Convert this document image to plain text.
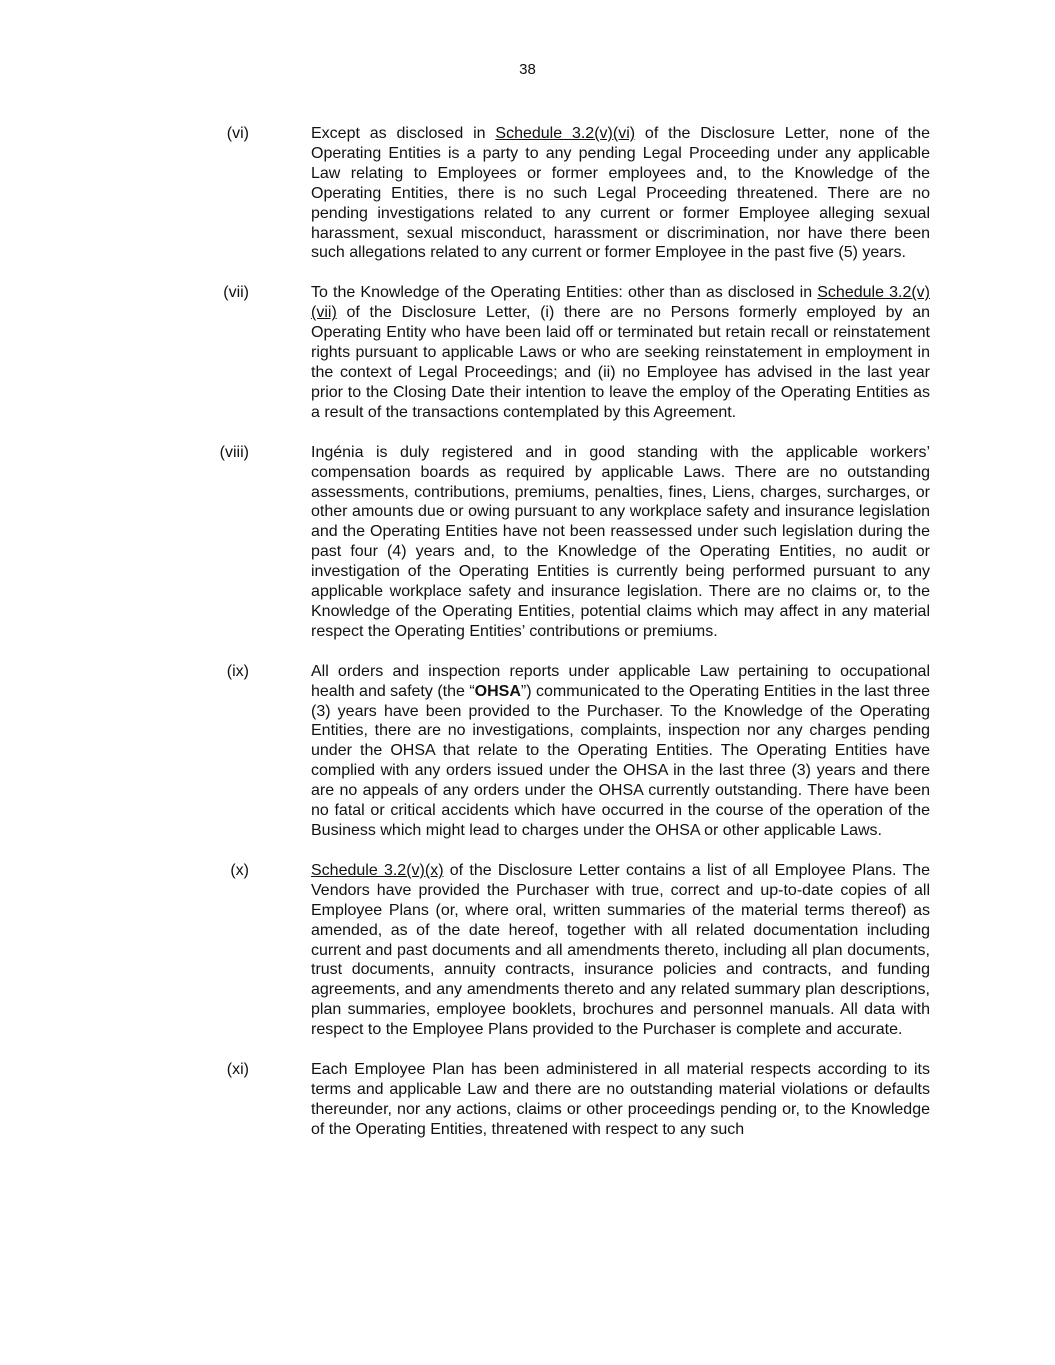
38
(vi)	Except as disclosed in Schedule 3.2(v)(vi) of the Disclosure Letter, none of the Operating Entities is a party to any pending Legal Proceeding under any applicable Law relating to Employees or former employees and, to the Knowledge of the Operating Entities, there is no such Legal Proceeding threatened. There are no pending investigations related to any current or former Employee alleging sexual harassment, sexual misconduct, harassment or discrimination, nor have there been such allegations related to any current or former Employee in the past five (5) years.
(vii)	To the Knowledge of the Operating Entities: other than as disclosed in Schedule 3.2(v)(vii) of the Disclosure Letter, (i) there are no Persons formerly employed by an Operating Entity who have been laid off or terminated but retain recall or reinstatement rights pursuant to applicable Laws or who are seeking reinstatement in employment in the context of Legal Proceedings; and (ii) no Employee has advised in the last year prior to the Closing Date their intention to leave the employ of the Operating Entities as a result of the transactions contemplated by this Agreement.
(viii)	Ingénia is duly registered and in good standing with the applicable workers’ compensation boards as required by applicable Laws. There are no outstanding assessments, contributions, premiums, penalties, fines, Liens, charges, surcharges, or other amounts due or owing pursuant to any workplace safety and insurance legislation and the Operating Entities have not been reassessed under such legislation during the past four (4) years and, to the Knowledge of the Operating Entities, no audit or investigation of the Operating Entities is currently being performed pursuant to any applicable workplace safety and insurance legislation. There are no claims or, to the Knowledge of the Operating Entities, potential claims which may affect in any material respect the Operating Entities’ contributions or premiums.
(ix)	All orders and inspection reports under applicable Law pertaining to occupational health and safety (the “OHSA”) communicated to the Operating Entities in the last three (3) years have been provided to the Purchaser. To the Knowledge of the Operating Entities, there are no investigations, complaints, inspection nor any charges pending under the OHSA that relate to the Operating Entities. The Operating Entities have complied with any orders issued under the OHSA in the last three (3) years and there are no appeals of any orders under the OHSA currently outstanding. There have been no fatal or critical accidents which have occurred in the course of the operation of the Business which might lead to charges under the OHSA or other applicable Laws.
(x)	Schedule 3.2(v)(x) of the Disclosure Letter contains a list of all Employee Plans. The Vendors have provided the Purchaser with true, correct and up-to-date copies of all Employee Plans (or, where oral, written summaries of the material terms thereof) as amended, as of the date hereof, together with all related documentation including current and past documents and all amendments thereto, including all plan documents, trust documents, annuity contracts, insurance policies and contracts, and funding agreements, and any amendments thereto and any related summary plan descriptions, plan summaries, employee booklets, brochures and personnel manuals. All data with respect to the Employee Plans provided to the Purchaser is complete and accurate.
(xi)	Each Employee Plan has been administered in all material respects according to its terms and applicable Law and there are no outstanding material violations or defaults thereunder, nor any actions, claims or other proceedings pending or, to the Knowledge of the Operating Entities, threatened with respect to any such
